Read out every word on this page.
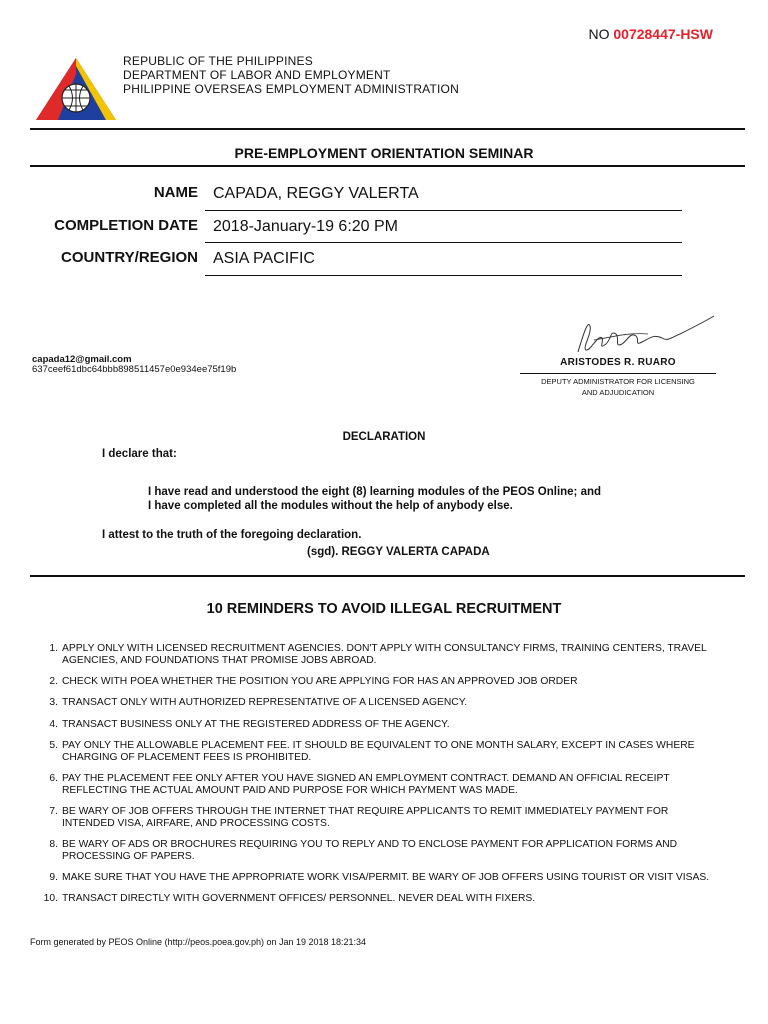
NO 00728447-HSW
REPUBLIC OF THE PHILIPPINES
DEPARTMENT OF LABOR AND EMPLOYMENT
PHILIPPINE OVERSEAS EMPLOYMENT ADMINISTRATION
PRE-EMPLOYMENT ORIENTATION SEMINAR
NAME CAPADA, REGGY VALERTA
COMPLETION DATE 2018-January-19 6:20 PM
COUNTRY/REGION ASIA PACIFIC
capada12@gmail.com
637ceef61dbc64bbb898511457e0e934ee75f19b
ARISTODES R. RUARO
DEPUTY ADMINISTRATOR FOR LICENSING
AND ADJUDICATION
DECLARATION
I declare that:
I have read and understood the eight (8) learning modules of the PEOS Online; and
I have completed all the modules without the help of anybody else.
I attest to the truth of the foregoing declaration.
(sgd). REGGY VALERTA CAPADA
10 REMINDERS TO AVOID ILLEGAL RECRUITMENT
1. APPLY ONLY WITH LICENSED RECRUITMENT AGENCIES. DON'T APPLY WITH CONSULTANCY FIRMS, TRAINING CENTERS, TRAVEL AGENCIES, AND FOUNDATIONS THAT PROMISE JOBS ABROAD.
2. CHECK WITH POEA WHETHER THE POSITION YOU ARE APPLYING FOR HAS AN APPROVED JOB ORDER
3. TRANSACT ONLY WITH AUTHORIZED REPRESENTATIVE OF A LICENSED AGENCY.
4. TRANSACT BUSINESS ONLY AT THE REGISTERED ADDRESS OF THE AGENCY.
5. PAY ONLY THE ALLOWABLE PLACEMENT FEE. IT SHOULD BE EQUIVALENT TO ONE MONTH SALARY, EXCEPT IN CASES WHERE CHARGING OF PLACEMENT FEES IS PROHIBITED.
6. PAY THE PLACEMENT FEE ONLY AFTER YOU HAVE SIGNED AN EMPLOYMENT CONTRACT. DEMAND AN OFFICIAL RECEIPT REFLECTING THE ACTUAL AMOUNT PAID AND PURPOSE FOR WHICH PAYMENT WAS MADE.
7. BE WARY OF JOB OFFERS THROUGH THE INTERNET THAT REQUIRE APPLICANTS TO REMIT IMMEDIATELY PAYMENT FOR INTENDED VISA, AIRFARE, AND PROCESSING COSTS.
8. BE WARY OF ADS OR BROCHURES REQUIRING YOU TO REPLY AND TO ENCLOSE PAYMENT FOR APPLICATION FORMS AND PROCESSING OF PAPERS.
9. MAKE SURE THAT YOU HAVE THE APPROPRIATE WORK VISA/PERMIT. BE WARY OF JOB OFFERS USING TOURIST OR VISIT VISAS.
10. TRANSACT DIRECTLY WITH GOVERNMENT OFFICES/ PERSONNEL. NEVER DEAL WITH FIXERS.
Form generated by PEOS Online (http://peos.poea.gov.ph) on Jan 19 2018 18:21:34
